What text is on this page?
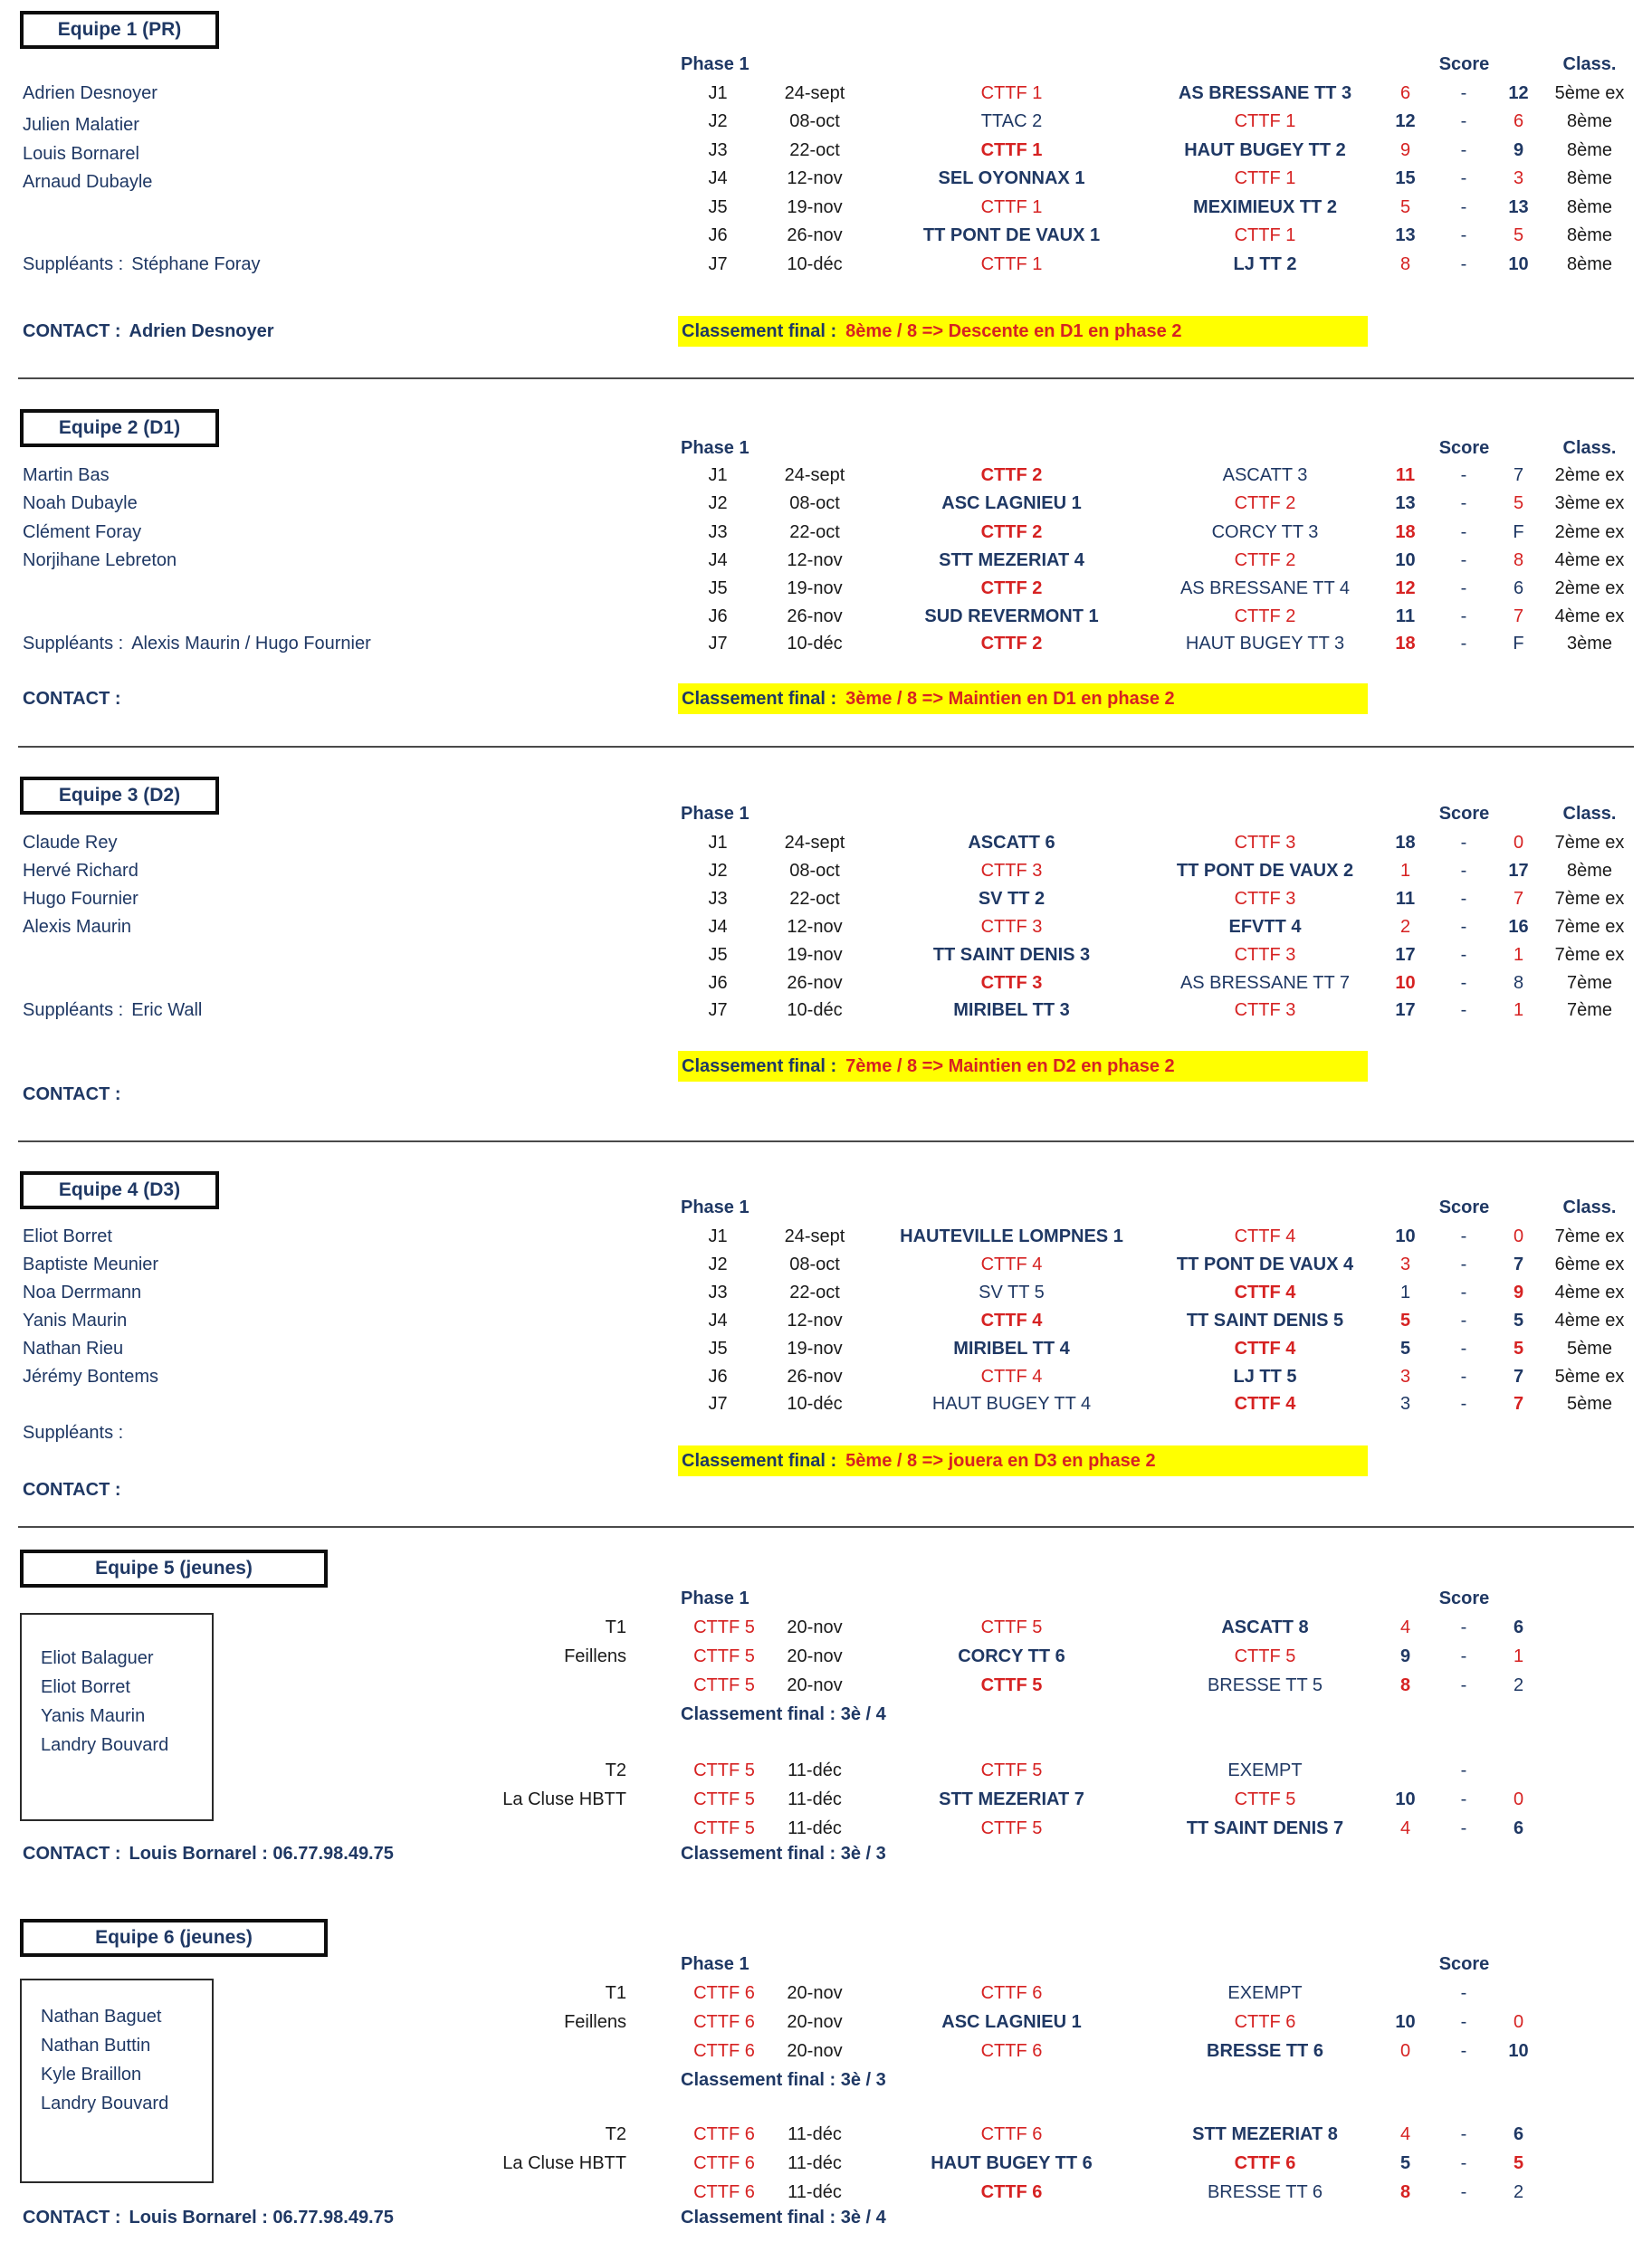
Equipe 1 (PR)
Phase 1	Score	Class.
Adrien Desnoyer
Julien Malatier
Louis Bornarel
Arnaud Dubayle
J1	24-sept	CTTF 1	AS BRESSANE TT 3	6	-	12	5ème ex
J2	08-oct	TTAC 2	CTTF 1	12	-	6	8ème
J3	22-oct	CTTF 1	HAUT BUGEY TT 2	9	-	9	8ème
J4	12-nov	SEL OYONNAX 1	CTTF 1	15	-	3	8ème
J5	19-nov	CTTF 1	MEXIMIEUX TT 2	5	-	13	8ème
J6	26-nov	TT PONT DE VAUX 1	CTTF 1	13	-	5	8ème
J7	10-déc	CTTF 1	LJ TT 2	8	-	10	8ème
Suppléants : Stéphane Foray
CONTACT : Adrien Desnoyer	Classement final : 8ème / 8 => Descente en D1 en phase 2
Equipe 2 (D1)
Phase 1	Score	Class.
Martin Bas
Noah Dubayle
Clément Foray
Norjihane Lebreton
J1	24-sept	CTTF 2	ASCATT 3	11	-	7	2ème ex
J2	08-oct	ASC LAGNIEU 1	CTTF 2	13	-	5	3ème ex
J3	22-oct	CTTF 2	CORCY TT 3	18	-	F	2ème ex
J4	12-nov	STT MEZERIAT 4	CTTF 2	10	-	8	4ème ex
J5	19-nov	CTTF 2	AS BRESSANE TT 4	12	-	6	2ème ex
J6	26-nov	SUD REVERMONT 1	CTTF 2	11	-	7	4ème ex
J7	10-déc	CTTF 2	HAUT BUGEY TT 3	18	-	F	3ème
Suppléants : Alexis Maurin / Hugo Fournier
CONTACT :	Classement final : 3ème / 8 => Maintien en D1 en phase 2
Equipe 3 (D2)
Phase 1	Score	Class.
Claude Rey
Hervé Richard
Hugo Fournier
Alexis Maurin
J1	24-sept	ASCATT 6	CTTF 3	18	-	0	7ème ex
J2	08-oct	CTTF 3	TT PONT DE VAUX 2	1	-	17	8ème
J3	22-oct	SV TT 2	CTTF 3	11	-	7	7ème ex
J4	12-nov	CTTF 3	EFVTT 4	2	-	16	7ème ex
J5	19-nov	TT SAINT DENIS 3	CTTF 3	17	-	1	7ème ex
J6	26-nov	CTTF 3	AS BRESSANE TT 7	10	-	8	7ème
J7	10-déc	MIRIBEL TT 3	CTTF 3	17	-	1	7ème
Suppléants : Eric Wall
Classement final : 7ème / 8 => Maintien en D2 en phase 2
CONTACT :
Equipe 4 (D3)
Phase 1	Score	Class.
Eliot Borret
Baptiste Meunier
Noa Derrmann
Yanis Maurin
Nathan Rieu
Jérémy Bontems
J1	24-sept	HAUTEVILLE LOMPNES 1	CTTF 4	10	-	0	7ème ex
J2	08-oct	CTTF 4	TT PONT DE VAUX 4	3	-	7	6ème ex
J3	22-oct	SV TT 5	CTTF 4	1	-	9	4ème ex
J4	12-nov	CTTF 4	TT SAINT DENIS 5	5	-	5	4ème ex
J5	19-nov	MIRIBEL TT 4	CTTF 4	5	-	5	5ème
J6	26-nov	CTTF 4	LJ TT 5	3	-	7	5ème ex
J7	10-déc	HAUT BUGEY TT 4	CTTF 4	3	-	7	5ème
Suppléants :
Classement final : 5ème / 8 => jouera en D3 en phase 2
CONTACT :
Equipe 5 (jeunes)
Phase 1	Score
Eliot Balaguer
Eliot Borret
Yanis Maurin
Landry Bouvard
T1	CTTF 5	20-nov	CTTF 5	ASCATT 8	4	-	6
Feillens	CTTF 5	20-nov	CORCY TT 6	CTTF 5	9	-	1
CTTF 5	20-nov	CTTF 5	BRESSE TT 5	8	-	2
Classement final : 3è / 4
T2	CTTF 5	11-déc	CTTF 5	EXEMPT	-
La Cluse HBTT	CTTF 5	11-déc	STT MEZERIAT 7	CTTF 5	10	-	0
CTTF 5	11-déc	CTTF 5	TT SAINT DENIS 7	4	-	6
Classement final : 3è / 3
CONTACT : Louis Bornarel : 06.77.98.49.75
Equipe 6 (jeunes)
Phase 1	Score
Nathan Baguet
Nathan Buttin
Kyle Braillon
Landry Bouvard
T1	CTTF 6	20-nov	CTTF 6	EXEMPT	-
Feillens	CTTF 6	20-nov	ASC LAGNIEU 1	CTTF 6	10	-	0
CTTF 6	20-nov	CTTF 6	BRESSE TT 6	0	-	10
Classement final : 3è / 3
T2	CTTF 6	11-déc	CTTF 6	STT MEZERIAT 8	4	-	6
La Cluse HBTT	CTTF 6	11-déc	HAUT BUGEY TT 6	CTTF 6	5	-	5
CTTF 6	11-déc	CTTF 6	BRESSE TT 6	8	-	2
Classement final : 3è / 4
CONTACT : Louis Bornarel : 06.77.98.49.75
